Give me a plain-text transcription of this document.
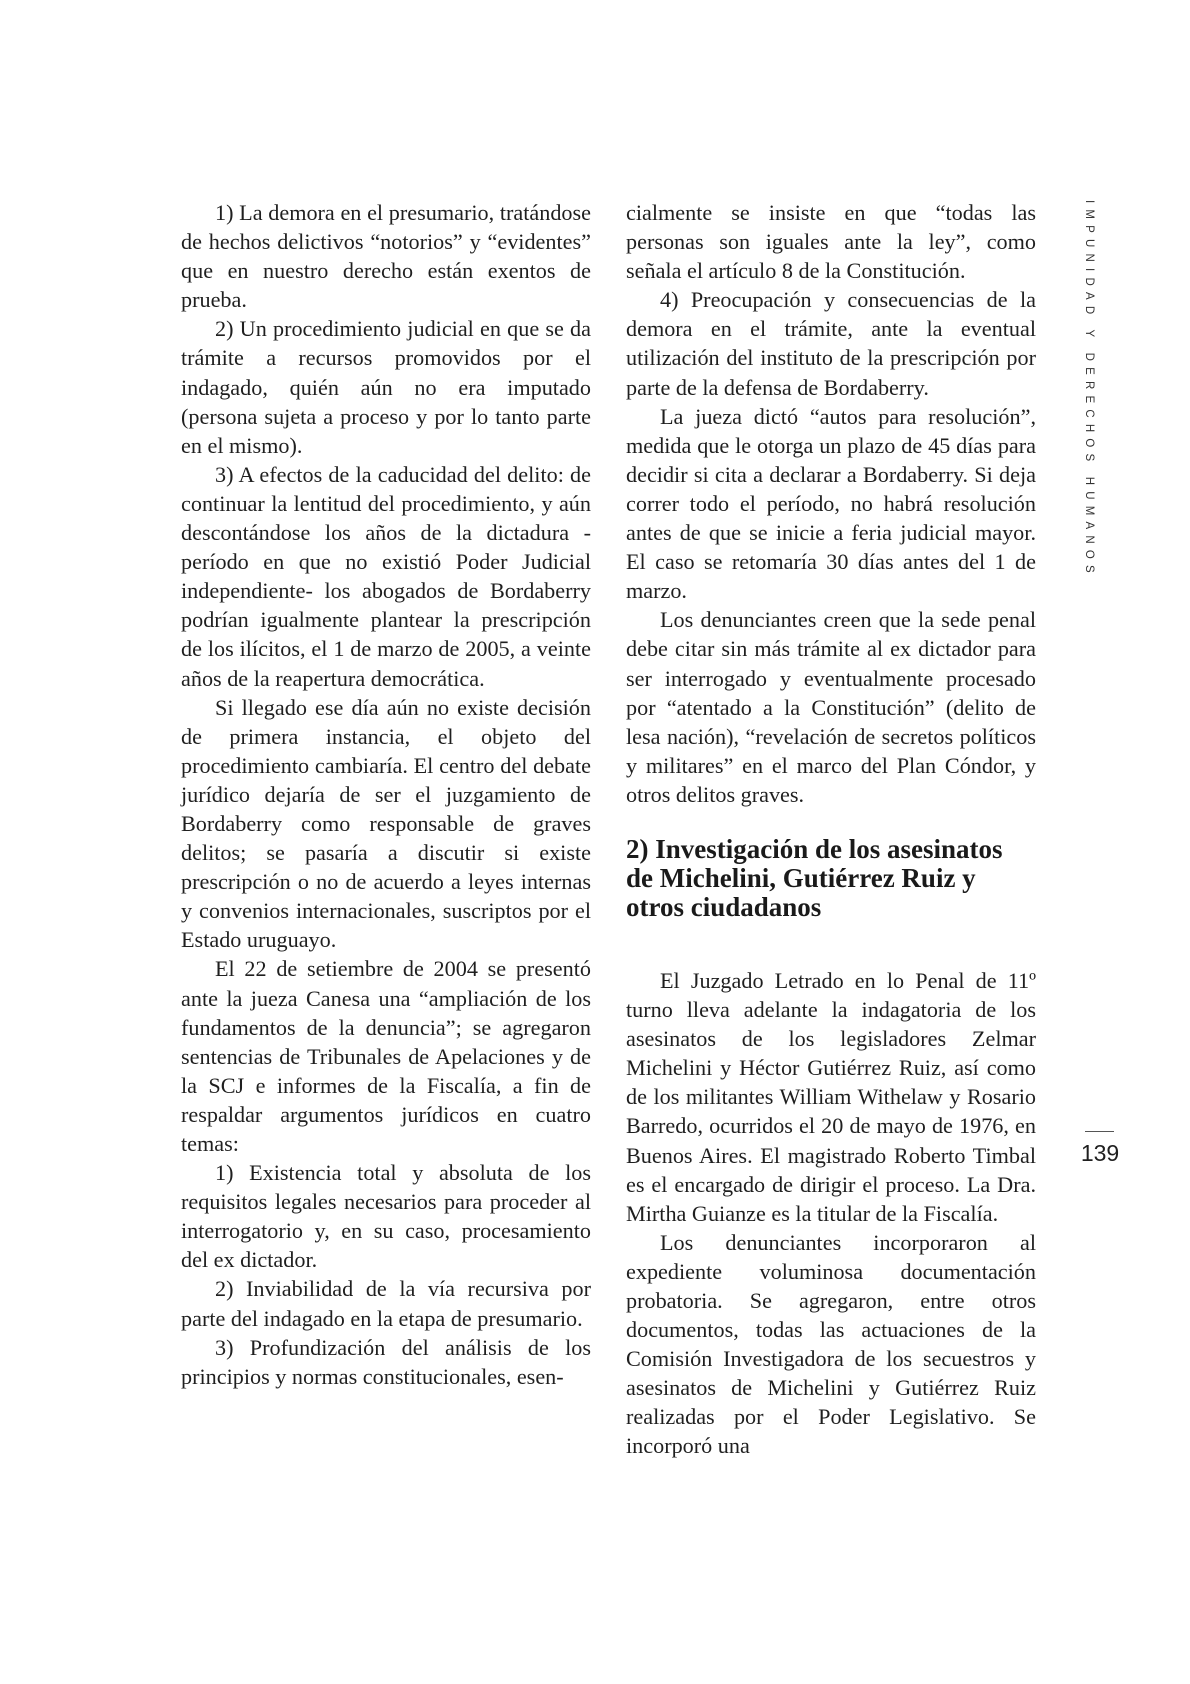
1) La demora en el presumario, tratándose de hechos delictivos “notorios” y “evidentes” que en nuestro derecho están exentos de prueba.

2) Un procedimiento judicial en que se da trámite a recursos promovidos por el indagado, quién aún no era imputado (persona sujeta a proceso y por lo tanto parte en el mismo).

3) A efectos de la caducidad del delito: de continuar la lentitud del procedimiento, y aún descontándose los años de la dictadura -período en que no existió Poder Judicial independiente- los abogados de Bordaberry podrían igualmente plantear la prescripción de los ilícitos, el 1 de marzo de 2005, a veinte años de la reapertura democrática.

Si llegado ese día aún no existe decisión de primera instancia, el objeto del procedimiento cambiaría. El centro del debate jurídico dejaría de ser el juzgamiento de Bordaberry como responsable de graves delitos; se pasaría a discutir si existe prescripción o no de acuerdo a leyes internas y convenios internacionales, suscriptos por el Estado uruguayo.

El 22 de setiembre de 2004 se presentó ante la jueza Canesa una “ampliación de los fundamentos de la denuncia”; se agregaron sentencias de Tribunales de Apelaciones y de la SCJ e informes de la Fiscalía, a fin de respaldar argumentos jurídicos en cuatro temas:

1) Existencia total y absoluta de los requisitos legales necesarios para proceder al interrogatorio y, en su caso, procesamiento del ex dictador.

2) Inviabilidad de la vía recursiva por parte del indagado en la etapa de presumario.

3) Profundización del análisis de los principios y normas constitucionales, esen-

cialmente se insiste en que “todas las personas son iguales ante la ley”, como señala el artículo 8 de la Constitución.

4) Preocupación y consecuencias de la demora en el trámite, ante la eventual utilización del instituto de la prescripción por parte de la defensa de Bordaberry.

La jueza dictó “autos para resolución”, medida que le otorga un plazo de 45 días para decidir si cita a declarar a Bordaberry. Si deja correr todo el período, no habrá resolución antes de que se inicie a feria judicial mayor. El caso se retomaría 30 días antes del 1 de marzo.

Los denunciantes creen que la sede penal debe citar sin más trámite al ex dictador para ser interrogado y eventualmente procesado por “atentado a la Constitución” (delito de lesa nación), “revelación de secretos políticos y militares” en el marco del Plan Cóndor, y otros delitos graves.

2) Investigación de los asesinatos de Michelini, Gutiérrez Ruiz y otros ciudadanos

El Juzgado Letrado en lo Penal de 11º turno lleva adelante la indagatoria de los asesinatos de los legisladores Zelmar Michelini y Héctor Gutiérrez Ruiz, así como de los militantes William Withelaw y Rosario Barredo, ocurridos el 20 de mayo de 1976, en Buenos Aires. El magistrado Roberto Timbal es el encargado de dirigir el proceso. La Dra. Mirtha Guianze es la titular de la Fiscalía.

Los denunciantes incorporaron al expediente voluminosa documentación probatoria. Se agregaron, entre otros documentos, todas las actuaciones de la Comisión Investigadora de los secuestros y asesinatos de Michelini y Gutiérrez Ruiz realizadas por el Poder Legislativo. Se incorporó una

IMPUNIDAD Y DERECHOS HUMANOS
139
